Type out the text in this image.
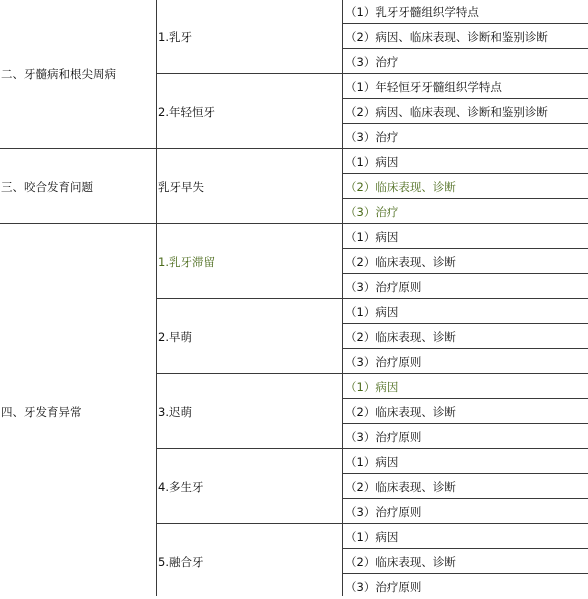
（1）乳牙牙髓组织学特点
（2）病因、临床表现、诊断和鉴别诊断
（3）治疗
1.乳牙
（1）年轻恒牙牙髓组织学特点
（2）病因、临床表现、诊断和鉴别诊断
（3）治疗
2.年轻恒牙
二、牙髓病和根尖周病
（1）病因
（2）临床表现、诊断
（3）治疗
乳牙早失
三、咬合发育问题
（1）病因
（2）临床表现、诊断
（3）治疗原则
1.乳牙滞留
（1）病因
（2）临床表现、诊断
（3）治疗原则
2.早萌
（1）病因
（2）临床表现、诊断
（3）治疗原则
3.迟萌
（1）病因
（2）临床表现、诊断
（3）治疗原则
4.多生牙
（1）病因
（2）临床表现、诊断
（3）治疗原则
5.融合牙
四、牙发育异常
